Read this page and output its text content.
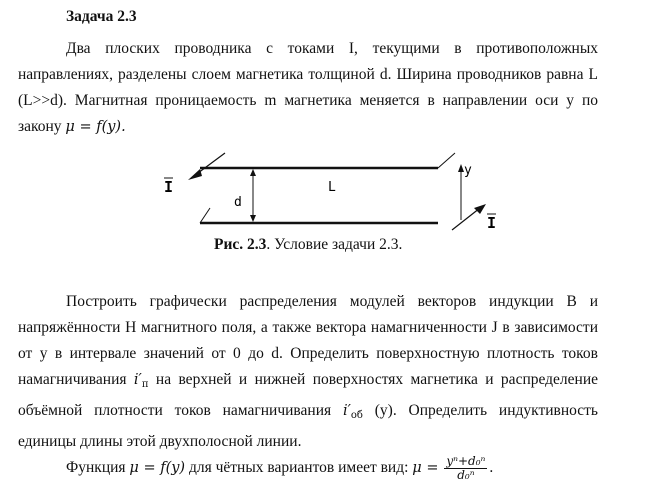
Задача 2.3
Два плоских проводника с токами I, текущими в противоположных
направлениях, разделены слоем магнетика толщиной d. Ширина проводников равна L
(L>>d). Магнитная проницаемость m магнетика меняется в направлении оси y по
закону μ = f(y).
I
I
d
L
y
Рис. 2.3. Условие задачи 2.3.
Построить графически распределения модулей векторов индукции B и
напряжённости H магнитного поля, а также вектора намагниченности J в зависимости
от y в интервале значений от 0 до d. Определить поверхностную плотность токов
намагничивания $i'_п$ на верхней и нижней поверхностях магнетика и распределение
объёмной плотности токов намагничивания $i'_{об}$ (y). Определить индуктивность
единицы длины этой двухполосной линии.
Функция μ = f(y) для чётных вариантов имеет вид: $\mu = \frac{\text{yⁿ+d₀ⁿ}}{\text{d₀ⁿ}}$ .
